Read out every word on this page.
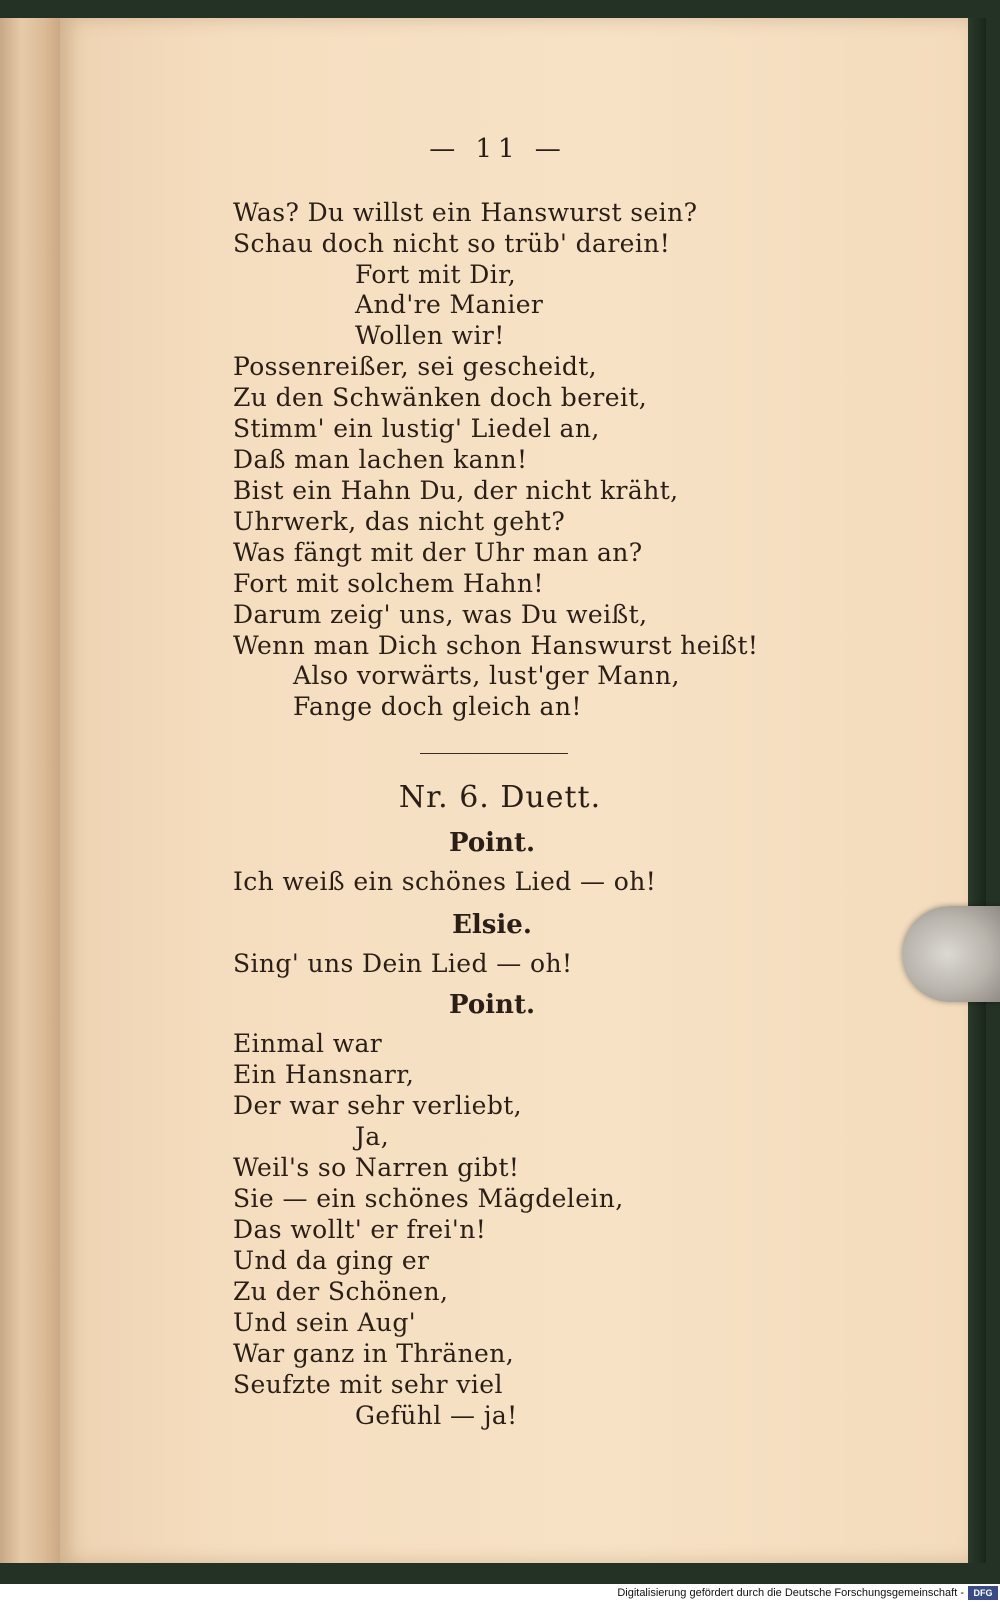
— 11 —
Was? Du willst ein Hanswurst sein?
Schau doch nicht so trüb' darein!
Fort mit Dir,
And're Manier
Wollen wir!
Possenreißer, sei gescheidt,
Zu den Schwänken doch bereit,
Stimm' ein lustig' Liedel an,
Daß man lachen kann!
Bist ein Hahn Du, der nicht kräht,
Uhrwerk, das nicht geht?
Was fängt mit der Uhr man an?
Fort mit solchem Hahn!
Darum zeig' uns, was Du weißt,
Wenn man Dich schon Hanswurst heißt!
Also vorwärts, lust'ger Mann,
Fange doch gleich an!
Nr. 6. Duett.
Point.
Ich weiß ein schönes Lied — oh!
Elsie.
Sing' uns Dein Lied — oh!
Point.
Einmal war
Ein Hansnarr,
Der war sehr verliebt,
Ja,
Weil's so Narren gibt!
Sie — ein schönes Mägdelein,
Das wollt' er frei'n!
Und da ging er
Zu der Schönen,
Und sein Aug'
War ganz in Thränen,
Seufzte mit sehr viel
Gefühl — ja!
Digitalisierung gefördert durch die Deutsche Forschungsgemeinschaft -	DFG
